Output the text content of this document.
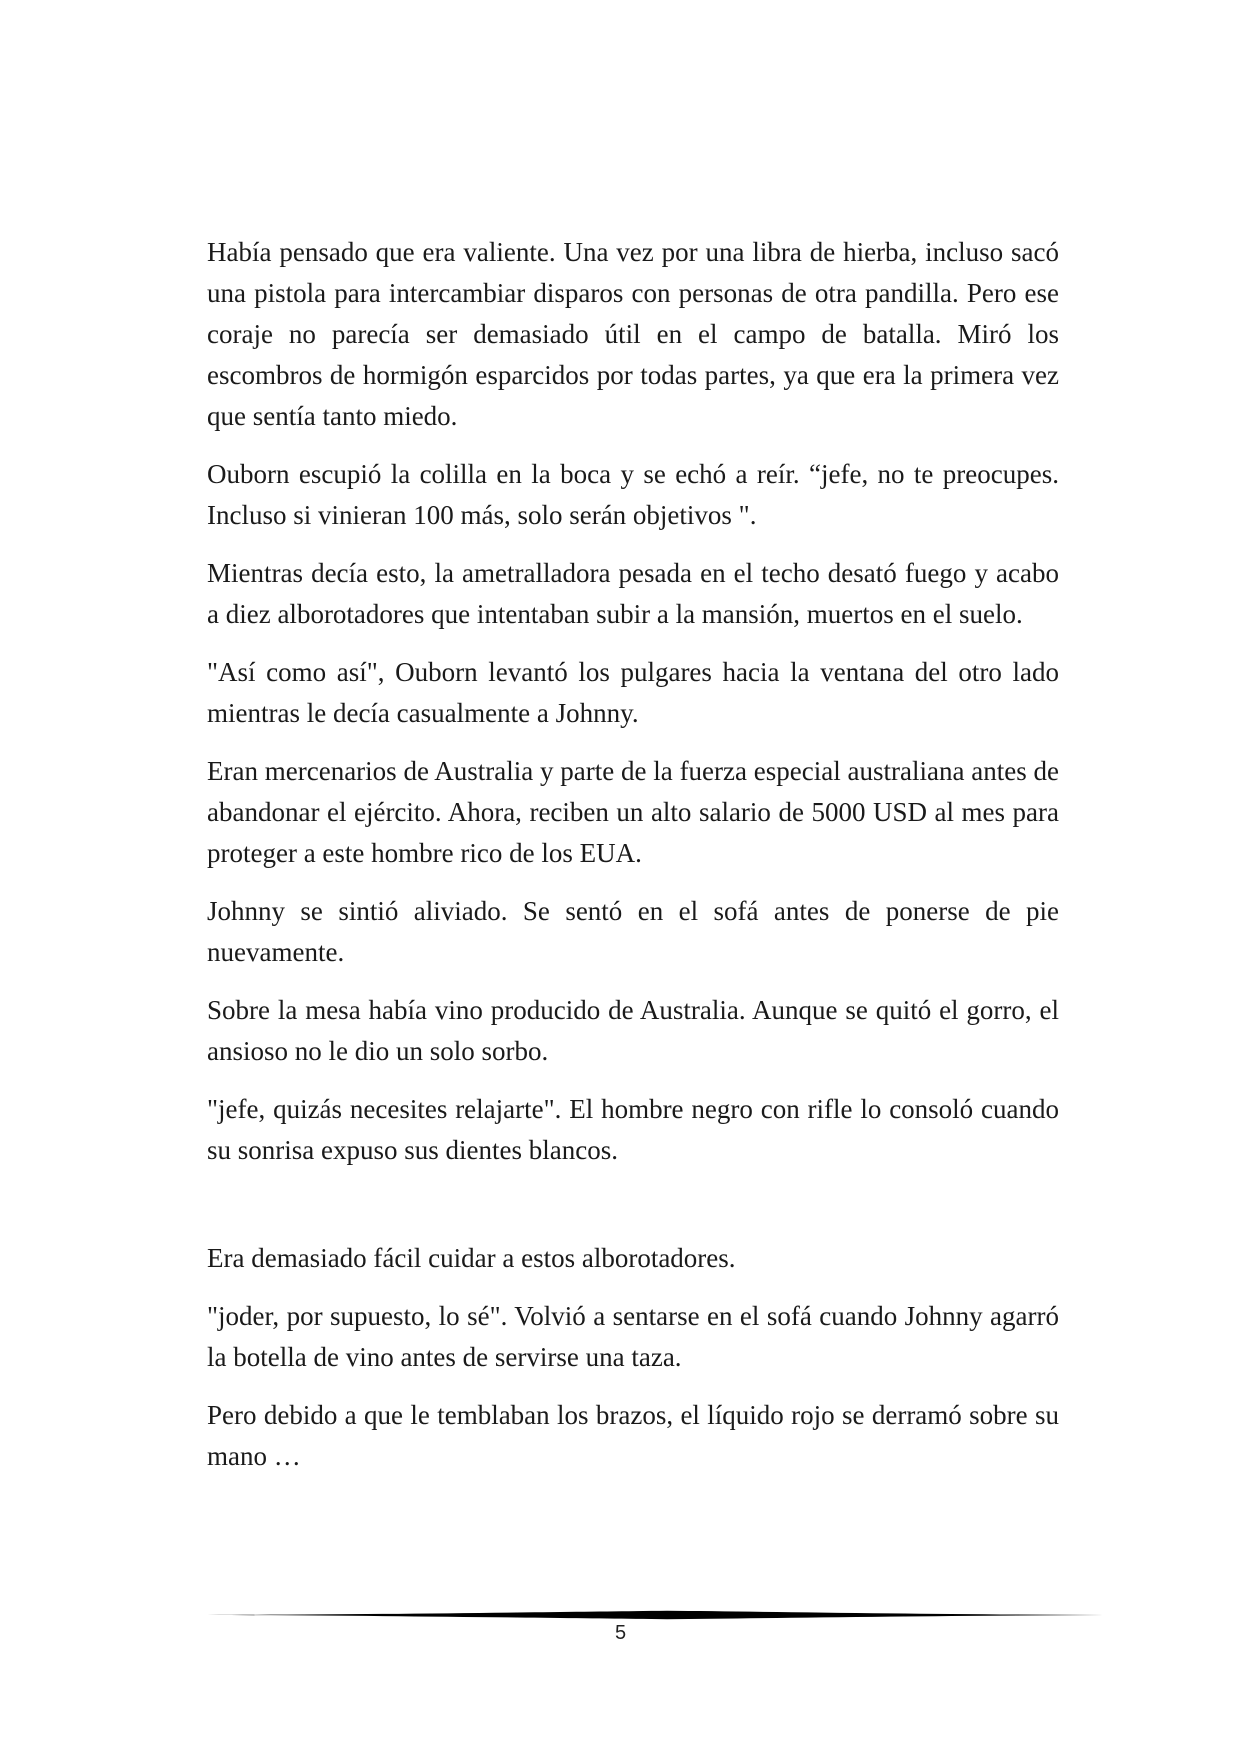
Había pensado que era valiente. Una vez por una libra de hierba, incluso sacó una pistola para intercambiar disparos con personas de otra pandilla. Pero ese coraje no parecía ser demasiado útil en el campo de batalla. Miró los escombros de hormigón esparcidos por todas partes, ya que era la primera vez que sentía tanto miedo.

Ouborn escupió la colilla en la boca y se echó a reír. “jefe, no te preocupes. Incluso si vinieran 100 más, solo serán objetivos ".

Mientras decía esto, la ametralladora pesada en el techo desató fuego y acabo a diez alborotadores que intentaban subir a la mansión, muertos en el suelo.

"Así como así", Ouborn levantó los pulgares hacia la ventana del otro lado mientras le decía casualmente a Johnny.

Eran mercenarios de Australia y parte de la fuerza especial australiana antes de abandonar el ejército. Ahora, reciben un alto salario de 5000 USD al mes para proteger a este hombre rico de los EUA.

Johnny se sintió aliviado. Se sentó en el sofá antes de ponerse de pie nuevamente.

Sobre la mesa había vino producido de Australia. Aunque se quitó el gorro, el ansioso no le dio un solo sorbo.

"jefe, quizás necesites relajarte". El hombre negro con rifle lo consoló cuando su sonrisa expuso sus dientes blancos.

Era demasiado fácil cuidar a estos alborotadores.

"joder, por supuesto, lo sé". Volvió a sentarse en el sofá cuando Johnny agarró la botella de vino antes de servirse una taza.

Pero debido a que le temblaban los brazos, el líquido rojo se derramó sobre su mano …

5
